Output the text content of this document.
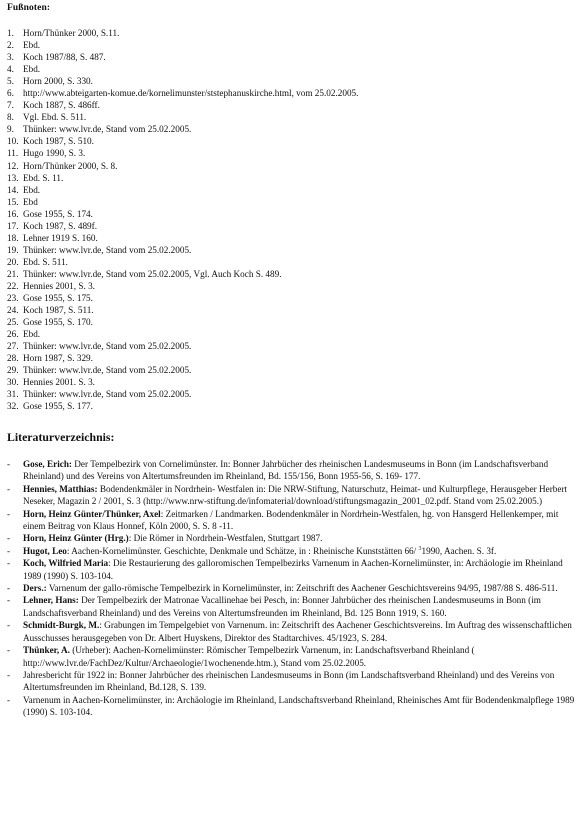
Fußnoten:
1. Horn/Thünker 2000, S.11.
2. Ebd.
3. Koch 1987/88, S. 487.
4. Ebd.
5. Horn 2000, S. 330.
6. http://www.abteigarten-komue.de/kornelimunster/ststephanuskirche.html, vom 25.02.2005.
7. Koch 1887, S. 486ff.
8. Vgl. Ebd. S. 511.
9. Thünker: www.lvr.de, Stand vom 25.02.2005.
10. Koch 1987, S. 510.
11. Hugo 1990, S. 3.
12. Horn/Thünker 2000, S. 8.
13. Ebd. S. 11.
14. Ebd.
15. Ebd
16. Gose 1955, S. 174.
17. Koch 1987, S. 489f.
18. Lehner 1919 S. 160.
19. Thünker: www.lvr.de, Stand vom 25.02.2005.
20. Ebd. S. 511.
21. Thünker: www.lvr.de, Stand vom 25.02.2005, Vgl. Auch Koch S. 489.
22. Hennies 2001, S. 3.
23. Gose 1955, S. 175.
24. Koch 1987, S. 511.
25. Gose 1955, S. 170.
26. Ebd.
27. Thünker: www.lvr.de, Stand vom 25.02.2005.
28. Horn 1987, S. 329.
29. Thünker: www.lvr.de, Stand vom 25.02.2005.
30. Hennies 2001. S. 3.
31. Thünker: www.lvr.de, Stand vom 25.02.2005.
32. Gose 1955, S. 177.
Literaturverzeichnis:
- Gose, Erich: Der Tempelbezirk von Cornelimünster. In: Bonner Jahrbücher des rheinischen Landesmuseums in Bonn (im Landschaftsverband Rheinland) und des Vereins von Altertumsfreunden im Rheinland, Bd. 155/156, Bonn 1955-56, S. 169- 177.
- Hennies, Matthias: Bodendenkmäler in Nordrhein- Westfalen in: Die NRW-Stiftung, Naturschutz, Heimat- und Kulturpflege, Herausgeber Herbert Neseker, Magazin 2 / 2001, S. 3 (http://www.nrw-stiftung.de/infomaterial/download/stiftungsmagazin_2001_02.pdf. Stand vom 25.02.2005.)
- Horn, Heinz Günter/Thünker, Axel: Zeitmarken / Landmarken. Bodendenkmäler in Nordrhein-Westfalen, hg. von Hansgerd Hellenkemper, mit einem Beitrag von Klaus Honnef, Köln 2000, S. S. 8 -11.
- Horn, Heinz Günter (Hrg.): Die Römer in Nordrhein-Westfalen, Stuttgart 1987.
- Hugot, Leo: Aachen-Kornelimünster. Geschichte, Denkmale und Schätze, in : Rheinische Kunststätten 66/ $^3$1990, Aachen. S. 3f.
- Koch, Wilfried Maria: Die Restaurierung des galloromischen Tempelbezirks Varnenum in Aachen-Kornelimünster, in: Archäologie im Rheinland 1989 (1990) S. 103-104.
- Ders.: Varnenum der gallo-römische Tempelbezirk in Kornelimünster, in: Zeitschrift des Aachener Geschichtsvereins 94/95, 1987/88 S. 486-511.
- Lehner, Hans: Der Tempelbezirk der Matronae Vacallinehae bei Pesch, in: Bonner Jahrbücher des rheinischen Landesmuseums in Bonn (im Landschaftsverband Rheinland) und des Vereins von Altertumsfreunden im Rheinland, Bd. 125 Bonn 1919, S. 160.
- Schmidt-Burgk, M.: Grabungen im Tempelgebiet von Varnenum. in: Zeitschrift des Aachener Geschichtsvereins. Im Auftrag des wissenschaftlichen Ausschusses herausgegeben von Dr. Albert Huyskens, Direktor des Stadtarchives. 45/1923, S. 284.
- Thünker, A. (Urheber): Aachen-Kornelimünster: Römischer Tempelbezirk Varnenum, in: Landschaftsverband Rheinland ( http://www.lvr.de/FachDez/Kultur/Archaeologie/1wochenende.htm.), Stand vom 25.02.2005.
- Jahresbericht für 1922 in: Bonner Jahrbücher des rheinischen Landesmuseums in Bonn (im Landschaftsverband Rheinland) und des Vereins von Altertumsfreunden im Rheinland, Bd.128, S. 139.
- Varnenum in Aachen-Kornelimünster, in: Archäologie im Rheinland, Landschaftsverband Rheinland, Rheinisches Amt für Bodendenkmalpflege 1989 (1990) S. 103-104.
